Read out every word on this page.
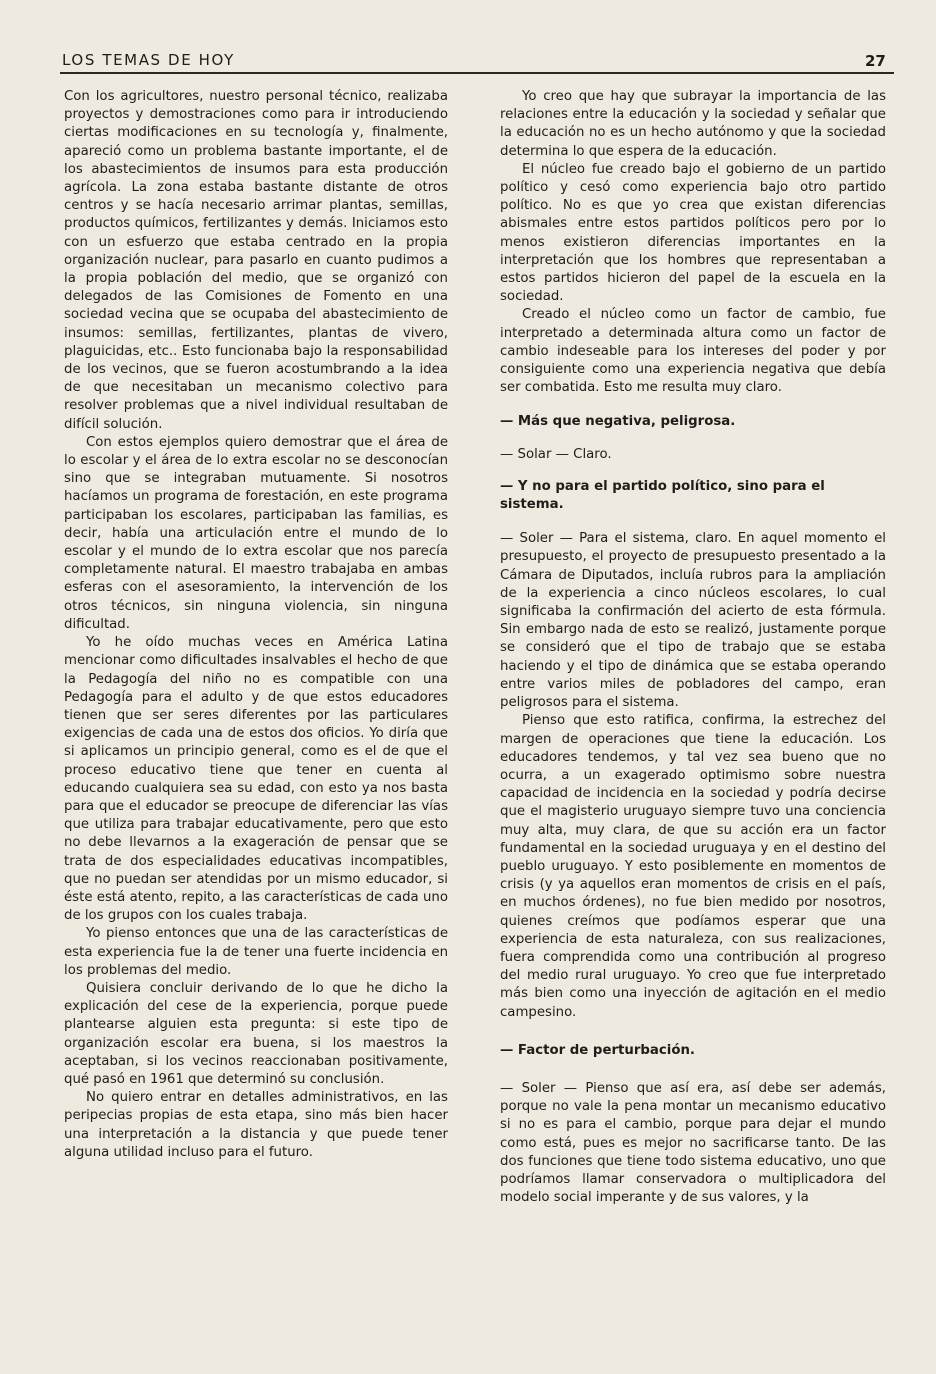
LOS TEMAS DE HOY	27

Con los agricultores, nuestro personal técnico, realizaba proyectos y demostraciones como para ir introduciendo ciertas modificaciones en su tecnología y, finalmente, apareció como un problema bastante importante, el de los abastecimientos de insumos para esta producción agrícola. La zona estaba bastante distante de otros centros y se hacía necesario arrimar plantas, semillas, productos químicos, fertilizantes y demás. Iniciamos esto con un esfuerzo que estaba centrado en la propia organización nuclear, para pasarlo en cuanto pudimos a la propia población del medio, que se organizó con delegados de las Comisiones de Fomento en una sociedad vecina que se ocupaba del abastecimiento de insumos: semillas, fertilizantes, plantas de vivero, plaguicidas, etc.. Esto funcionaba bajo la responsabilidad de los vecinos, que se fueron acostumbrando a la idea de que necesitaban un mecanismo colectivo para resolver problemas que a nivel individual resultaban de difícil solución.

Con estos ejemplos quiero demostrar que el área de lo escolar y el área de lo extra escolar no se desconocían sino que se integraban mutuamente. Si nosotros hacíamos un programa de forestación, en este programa participaban los escolares, participaban las familias, es decir, había una articulación entre el mundo de lo escolar y el mundo de lo extra escolar que nos parecía completamente natural. El maestro trabajaba en ambas esferas con el asesoramiento, la intervención de los otros técnicos, sin ninguna violencia, sin ninguna dificultad.

Yo he oído muchas veces en América Latina mencionar como dificultades insalvables el hecho de que la Pedagogía del niño no es compatible con una Pedagogía para el adulto y de que estos educadores tienen que ser seres diferentes por las particulares exigencias de cada una de estos dos oficios. Yo diría que si aplicamos un principio general, como es el de que el proceso educativo tiene que tener en cuenta al educando cualquiera sea su edad, con esto ya nos basta para que el educador se preocupe de diferenciar las vías que utiliza para trabajar educativamente, pero que esto no debe llevarnos a la exageración de pensar que se trata de dos especialidades educativas incompatibles, que no puedan ser atendidas por un mismo educador, si éste está atento, repito, a las características de cada uno de los grupos con los cuales trabaja.

Yo pienso entonces que una de las características de esta experiencia fue la de tener una fuerte incidencia en los problemas del medio.

Quisiera concluir derivando de lo que he dicho la explicación del cese de la experiencia, porque puede plantearse alguien esta pregunta: si este tipo de organización escolar era buena, si los maestros la aceptaban, si los vecinos reaccionaban positivamente, qué pasó en 1961 que determinó su conclusión.

No quiero entrar en detalles administrativos, en las peripecias propias de esta etapa, sino más bien hacer una interpretación a la distancia y que puede tener alguna utilidad incluso para el futuro.

Yo creo que hay que subrayar la importancia de las relaciones entre la educación y la sociedad y señalar que la educación no es un hecho autónomo y que la sociedad determina lo que espera de la educación.

El núcleo fue creado bajo el gobierno de un partido político y cesó como experiencia bajo otro partido político. No es que yo crea que existan diferencias abismales entre estos partidos políticos pero por lo menos existieron diferencias importantes en la interpretación que los hombres que representaban a estos partidos hicieron del papel de la escuela en la sociedad.

Creado el núcleo como un factor de cambio, fue interpretado a determinada altura como un factor de cambio indeseable para los intereses del poder y por consiguiente como una experiencia negativa que debía ser combatida. Esto me resulta muy claro.

— Más que negativa, peligrosa.

— Solar — Claro.

— Y no para el partido político, sino para el sistema.

— Soler — Para el sistema, claro. En aquel momento el presupuesto, el proyecto de presupuesto presentado a la Cámara de Diputados, incluía rubros para la ampliación de la experiencia a cinco núcleos escolares, lo cual significaba la confirmación del acierto de esta fórmula. Sin embargo nada de esto se realizó, justamente porque se consideró que el tipo de trabajo que se estaba haciendo y el tipo de dinámica que se estaba operando entre varios miles de pobladores del campo, eran peligrosos para el sistema.

Pienso que esto ratifica, confirma, la estrechez del margen de operaciones que tiene la educación. Los educadores tendemos, y tal vez sea bueno que no ocurra, a un exagerado optimismo sobre nuestra capacidad de incidencia en la sociedad y podría decirse que el magisterio uruguayo siempre tuvo una conciencia muy alta, muy clara, de que su acción era un factor fundamental en la sociedad uruguaya y en el destino del pueblo uruguayo. Y esto posiblemente en momentos de crisis (y ya aquellos eran momentos de crisis en el país, en muchos órdenes), no fue bien medido por nosotros, quienes creímos que podíamos esperar que una experiencia de esta naturaleza, con sus realizaciones, fuera comprendida como una contribución al progreso del medio rural uruguayo. Yo creo que fue interpretado más bien como una inyección de agitación en el medio campesino.

— Factor de perturbación.

— Soler — Pienso que así era, así debe ser además, porque no vale la pena montar un mecanismo educativo si no es para el cambio, porque para dejar el mundo como está, pues es mejor no sacrificarse tanto. De las dos funciones que tiene todo sistema educativo, uno que podríamos llamar conservadora o multiplicadora del modelo social imperante y de sus valores, y la
